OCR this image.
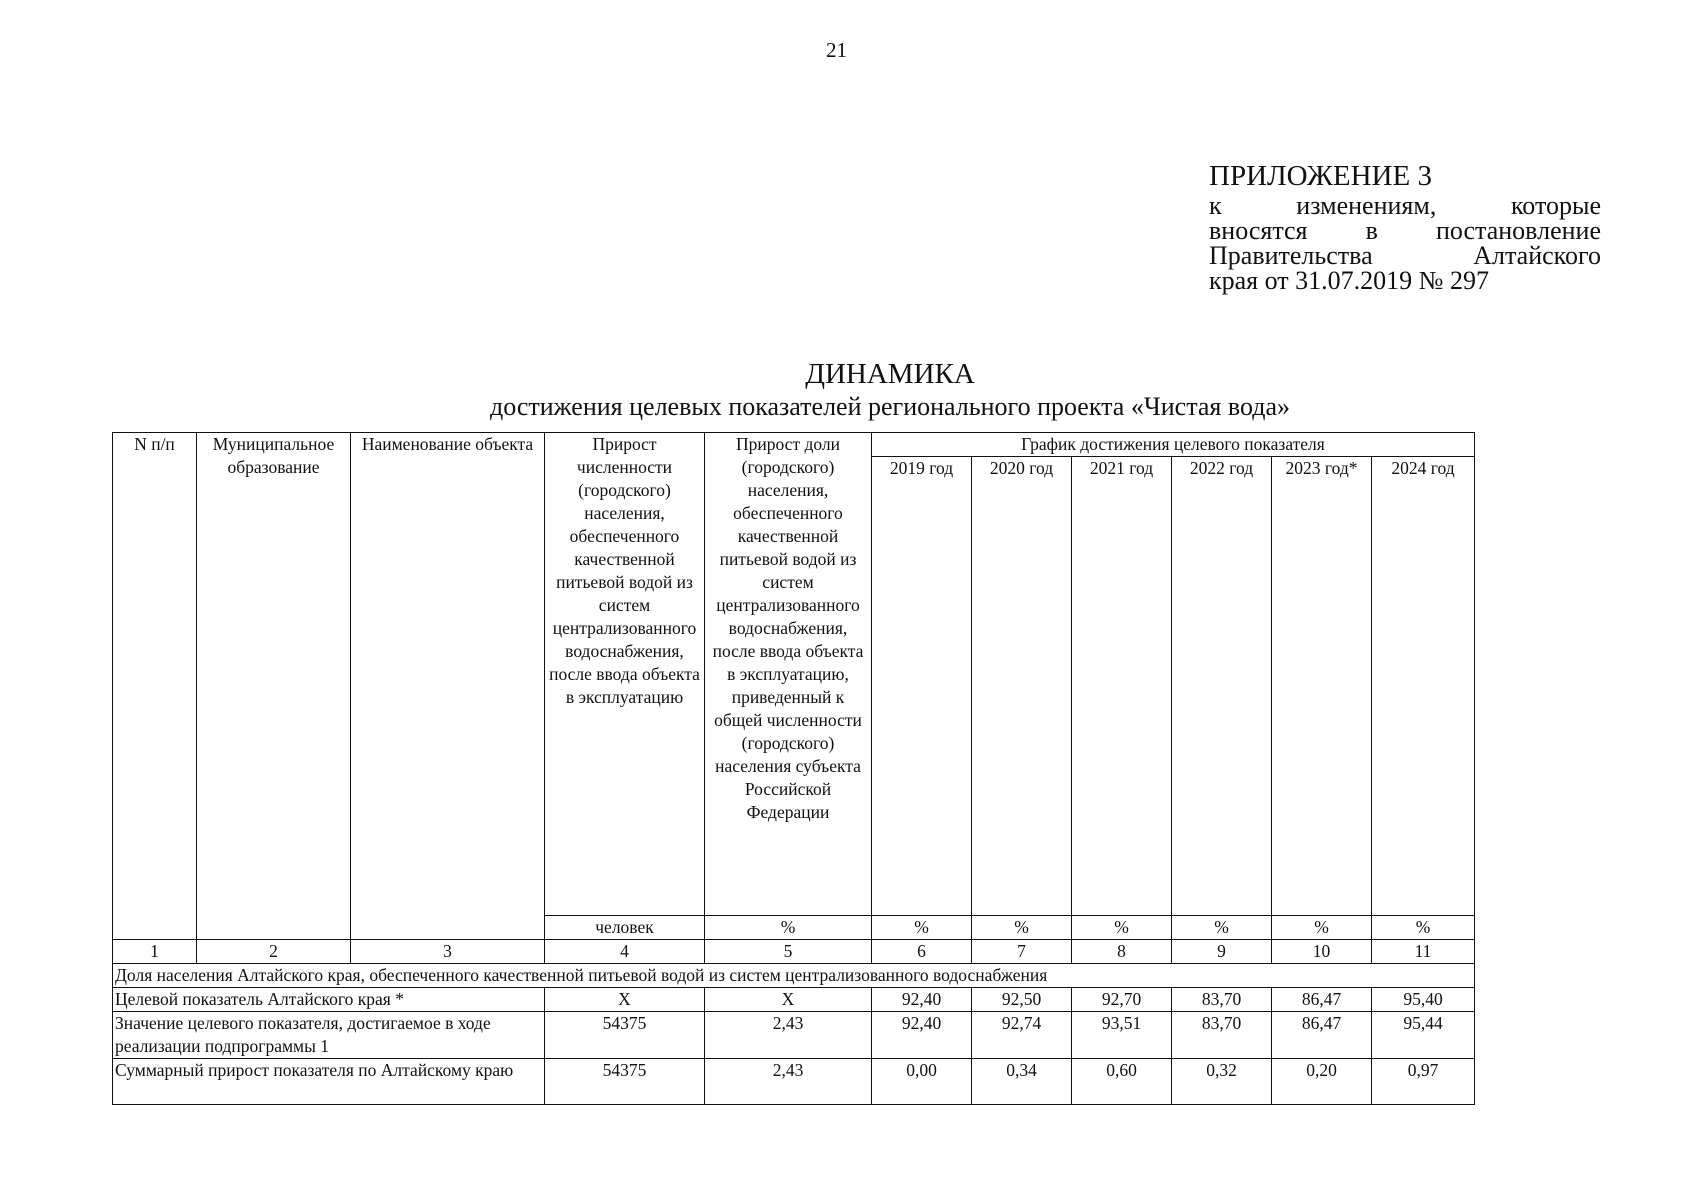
21
ПРИЛОЖЕНИЕ 3
к изменениям, которые
вносятся в постановление
Правительства Алтайского
края от 31.07.2019 № 297
ДИНАМИКА
достижения целевых показателей регионального проекта «Чистая вода»
N п/п	Муниципальное образование	Наименование объекта	Прирост численности (городского) населения, обеспеченного качественной питьевой водой из систем централизованного водоснабжения, после ввода объекта в эксплуатацию	Прирост доли (городского) населения, обеспеченного качественной питьевой водой из систем централизованного водоснабжения, после ввода объекта в эксплуатацию, приведенный к общей численности (городского) населения субъекта Российской Федерации	График достижения целевого показателя					
					2019 год	2020 год	2021 год	2022 год	2023 год*	2024 год
			человек	%	%	%	%	%	%	%
1	2	3	4	5	6	7	8	9	10	11
Доля населения Алтайского края, обеспеченного качественной питьевой водой из систем централизованного водоснабжения										
Целевой показатель Алтайского края *			X	X	92,40	92,50	92,70	83,70	86,47	95,40
Значение целевого показателя, достигаемое в ходе реализации подпрограммы 1			54375	2,43	92,40	92,74	93,51	83,70	86,47	95,44
Суммарный прирост показателя по Алтайскому краю			54375	2,43	0,00	0,34	0,60	0,32	0,20	0,97
